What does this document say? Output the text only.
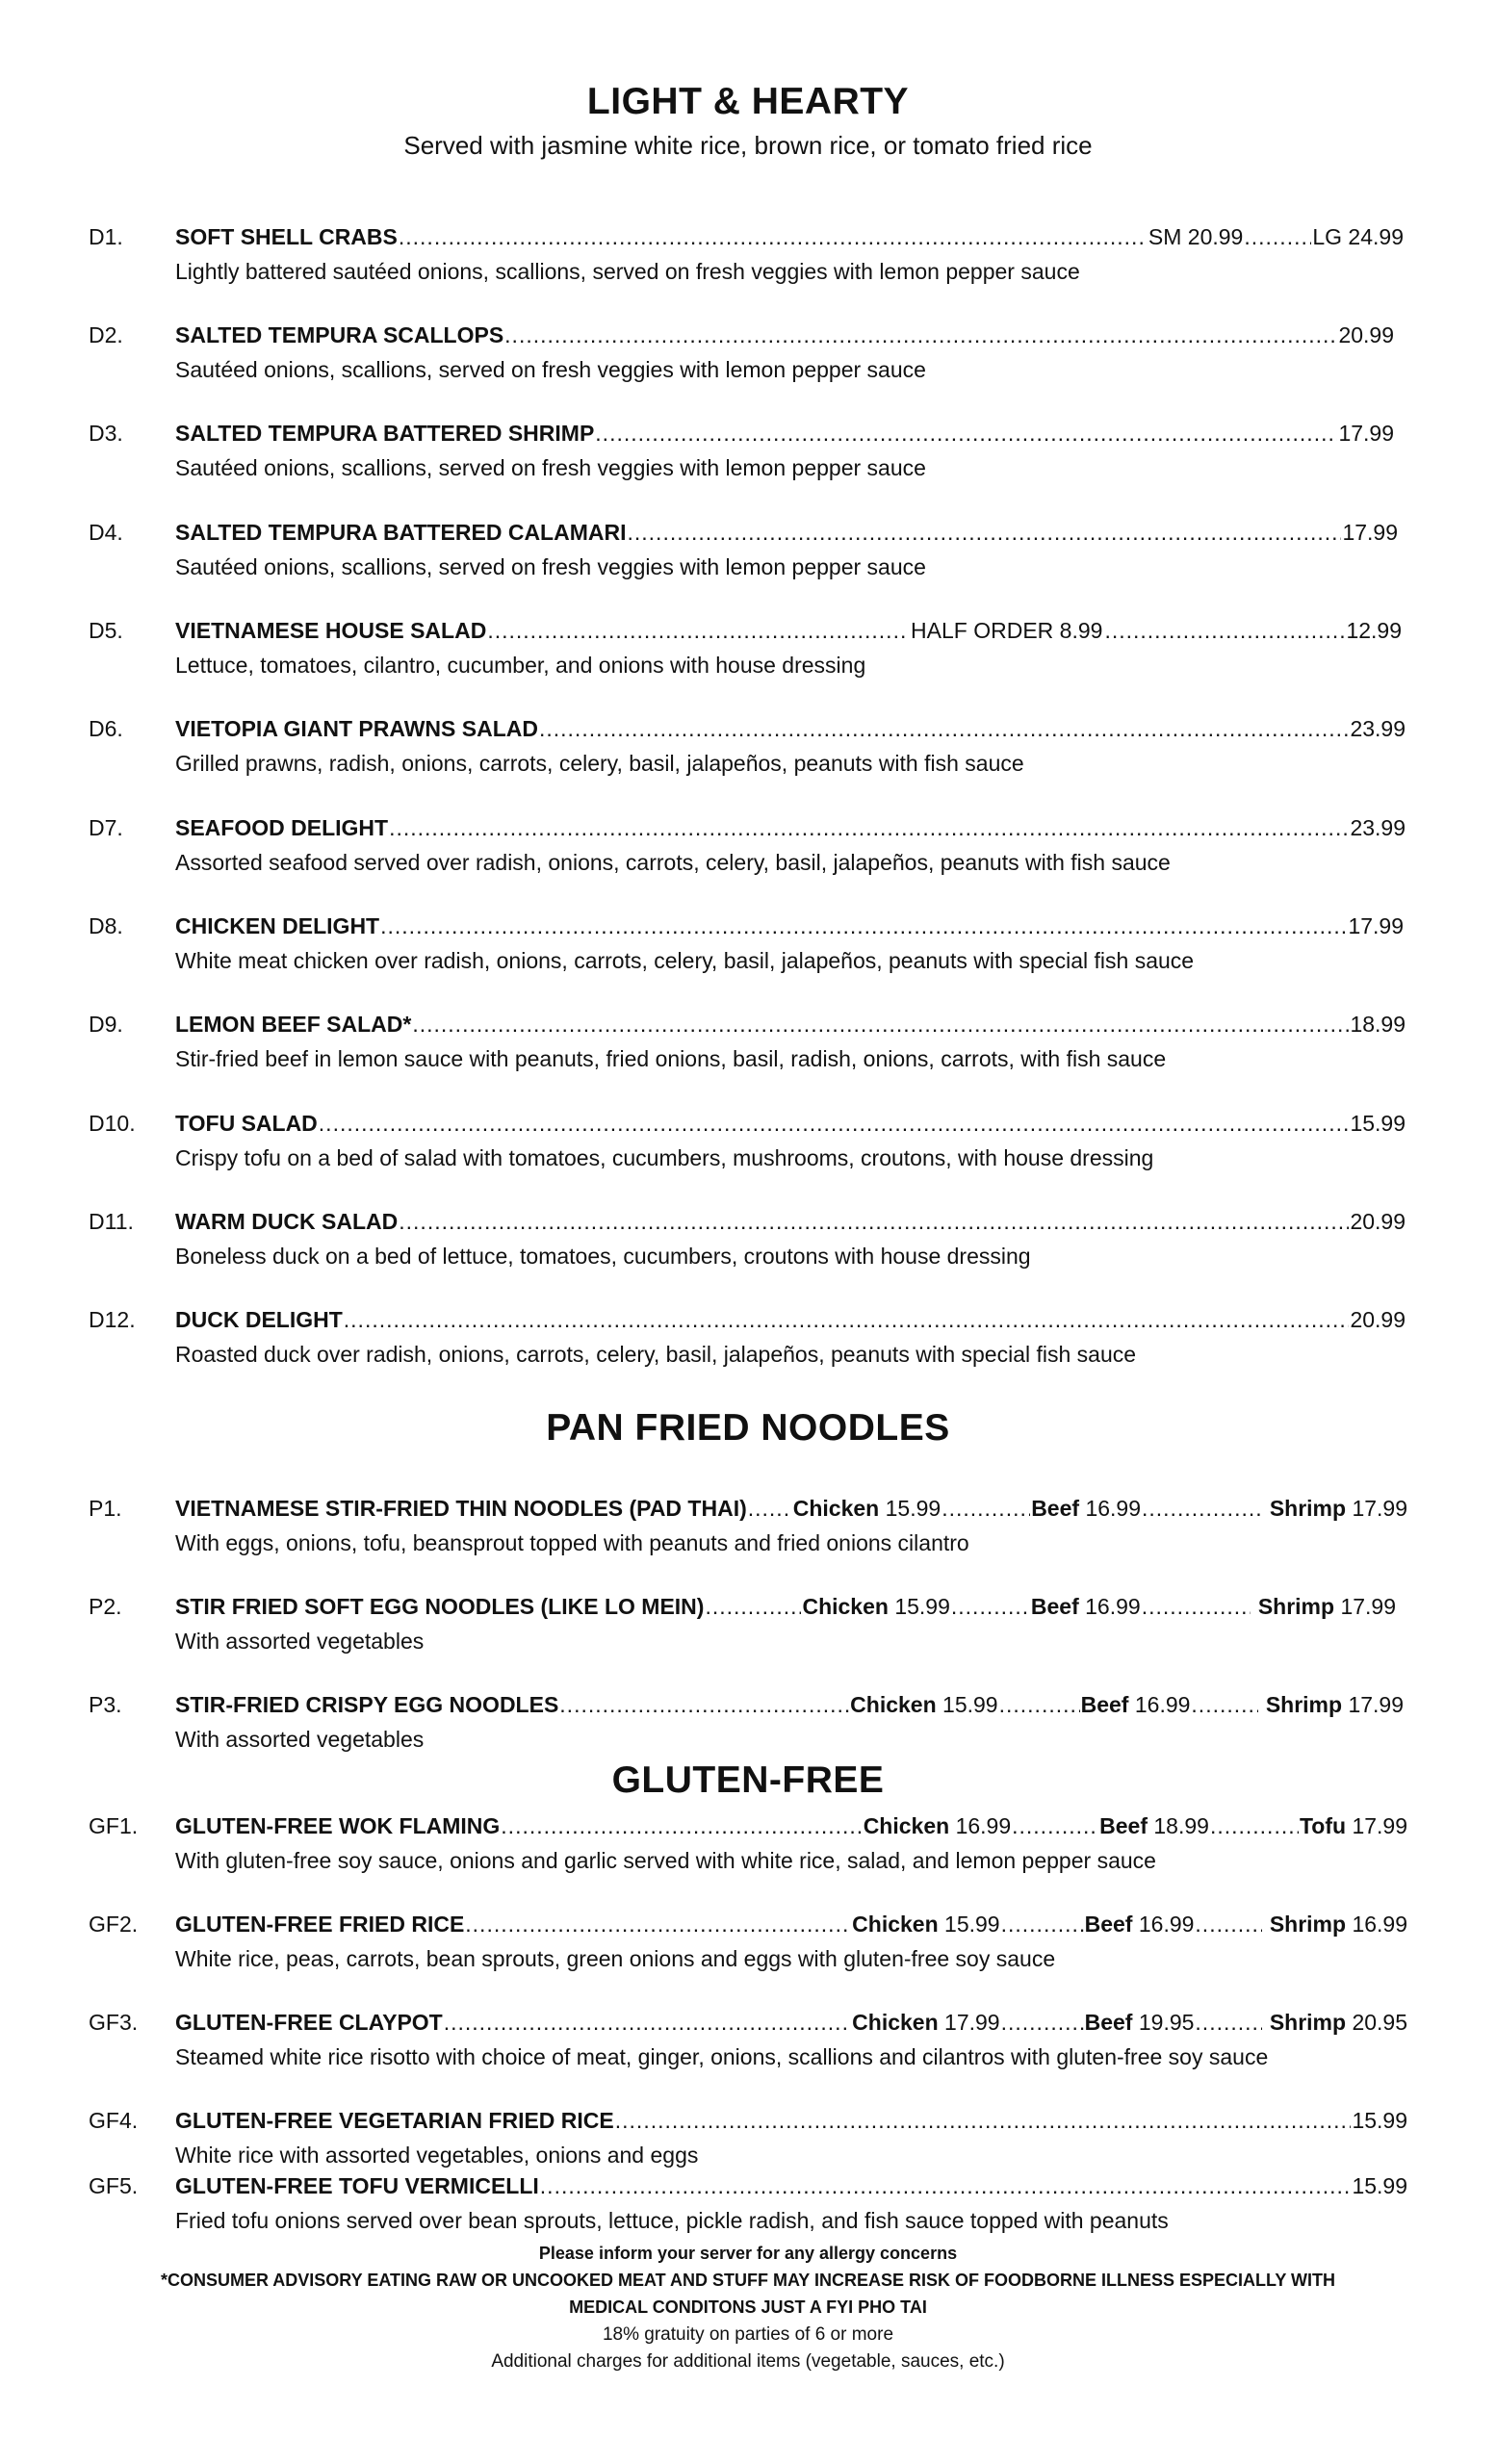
LIGHT & HEARTY
Served with jasmine white rice, brown rice, or tomato fried rice
D1. SOFT SHELL CRABS .....	SM 20.99 .....	LG 24.99
Lightly battered sautéed onions, scallions, served on fresh veggies with lemon pepper sauce
D2. SALTED TEMPURA SCALLOPS .....	20.99
Sautéed onions, scallions, served on fresh veggies with lemon pepper sauce
D3. SALTED TEMPURA BATTERED SHRIMP .....	17.99
Sautéed onions, scallions, served on fresh veggies with lemon pepper sauce
D4. SALTED TEMPURA BATTERED CALAMARI .....	17.99
Sautéed onions, scallions, served on fresh veggies with lemon pepper sauce
D5. VIETNAMESE HOUSE SALAD .....	HALF ORDER 8.99 .....	12.99
Lettuce, tomatoes, cilantro, cucumber, and onions with house dressing
D6. VIETOPIA GIANT PRAWNS SALAD .....	23.99
Grilled prawns, radish, onions, carrots, celery, basil, jalapeños, peanuts with fish sauce
D7. SEAFOOD DELIGHT .....	23.99
Assorted seafood served over radish, onions, carrots, celery, basil, jalapeños, peanuts with fish sauce
D8. CHICKEN DELIGHT .....	17.99
White meat chicken over radish, onions, carrots, celery, basil, jalapeños, peanuts with special fish sauce
D9. LEMON BEEF SALAD* .....	18.99
Stir-fried beef in lemon sauce with peanuts, fried onions, basil, radish, onions, carrots, with fish sauce
D10. TOFU SALAD .....	15.99
Crispy tofu on a bed of salad with tomatoes, cucumbers, mushrooms, croutons, with house dressing
D11. WARM DUCK SALAD .....	20.99
Boneless duck on a bed of lettuce, tomatoes, cucumbers, croutons with house dressing
D12. DUCK DELIGHT .....	20.99
Roasted duck over radish, onions, carrots, celery, basil, jalapeños, peanuts with special fish sauce
PAN FRIED NOODLES
P1. VIETNAMESE STIR-FRIED THIN NOODLES (PAD THAI) ..... Chicken 15.99 .....	Beef 16.99 .....	Shrimp 17.99
With eggs, onions, tofu, beansprout topped with peanuts and fried onions cilantro
P2. STIR FRIED SOFT EGG NOODLES (LIKE LO MEIN) .....	Chicken 15.99 .....	Beef 16.99 .....	Shrimp 17.99
With assorted vegetables
P3. STIR-FRIED CRISPY EGG NOODLES .....	Chicken 15.99 .....	Beef 16.99 .....	Shrimp 17.99
With assorted vegetables
GLUTEN-FREE
GF1. GLUTEN-FREE WOK FLAMING .....	Chicken 16.99 .....	Beef 18.99 .....	Tofu 17.99
With gluten-free soy sauce, onions and garlic served with white rice, salad, and lemon pepper sauce
GF2. GLUTEN-FREE FRIED RICE .....	Chicken 15.99 .....	Beef 16.99 .....	Shrimp 16.99
White rice, peas, carrots, bean sprouts, green onions and eggs with gluten-free soy sauce
GF3. GLUTEN-FREE CLAYPOT .....	Chicken 17.99 .....	Beef 19.95 .....	Shrimp 20.95
Steamed white rice risotto with choice of meat, ginger, onions, scallions and cilantros with gluten-free soy sauce
GF4. GLUTEN-FREE VEGETARIAN FRIED RICE .....	15.99
White rice with assorted vegetables, onions and eggs
GF5. GLUTEN-FREE TOFU VERMICELLI .....	15.99
Fried tofu onions served over bean sprouts, lettuce, pickle radish, and fish sauce topped with peanuts
Please inform your server for any allergy concerns
*CONSUMER ADVISORY EATING RAW OR UNCOOKED MEAT AND STUFF MAY INCREASE RISK OF FOODBORNE ILLNESS ESPECIALLY WITH
MEDICAL CONDITONS JUST A FYI PHO TAI
18% gratuity on parties of 6 or more
Additional charges for additional items (vegetable, sauces, etc.)
